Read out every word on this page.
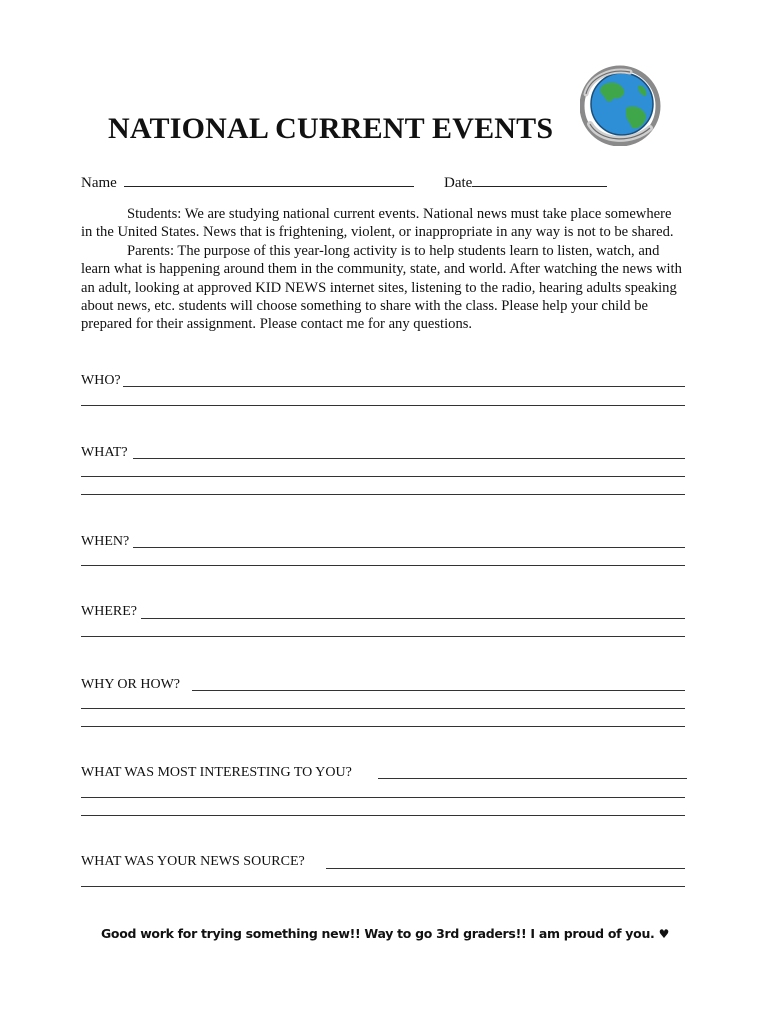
NATIONAL CURRENT EVENTS
Name	Date

Students: We are studying national current events. National news must take place somewhere in the United States. News that is frightening, violent, or inappropriate in any way is not to be shared.

Parents: The purpose of this year-long activity is to help students learn to listen, watch, and learn what is happening around them in the community, state, and world. After watching the news with an adult, looking at approved KID NEWS internet sites, listening to the radio, hearing adults speaking about news, etc. students will choose something to share with the class. Please help your child be prepared for their assignment. Please contact me for any questions.

WHO?
WHAT?
WHEN?
WHERE?
WHY OR HOW?
WHAT WAS MOST INTERESTING TO YOU?
WHAT WAS YOUR NEWS SOURCE?
Good work for trying something new!! Way to go 3rd graders!! I am proud of you. ♥
